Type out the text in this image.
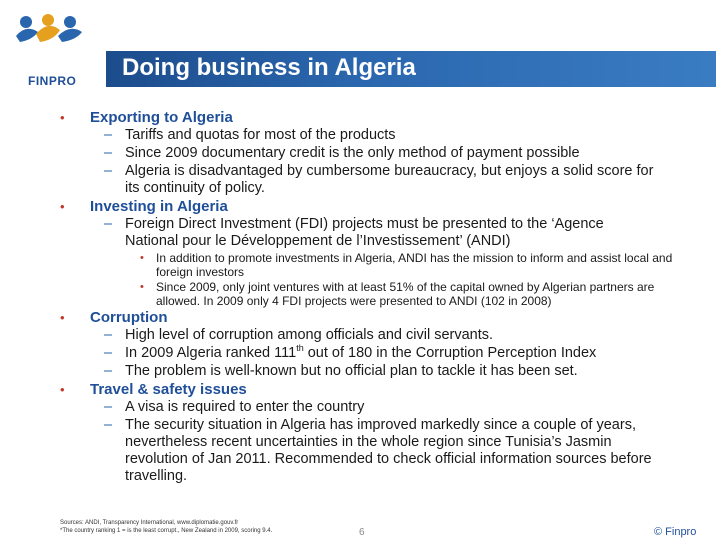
FINPRO Doing business in Algeria
• Exporting to Algeria
– Tariffs and quotas for most of the products
– Since 2009 documentary credit is the only method of payment possible
– Algeria is disadvantaged by cumbersome bureaucracy, but enjoys a solid score for its continuity of policy.
• Investing in Algeria
– Foreign Direct Investment (FDI) projects must be presented to the ‘Agence National pour le Développement de l’Investissement’ (ANDI)
• In addition to promote investments in Algeria, ANDI has the mission to inform and assist local and foreign investors
• Since 2009, only joint ventures with at least 51% of the capital owned by Algerian partners are allowed. In 2009 only 4 FDI projects were presented to ANDI (102 in 2008)
• Corruption
– High level of corruption among officials and civil servants.
– In 2009 Algeria ranked 111th out of 180 in the Corruption Perception Index
– The problem is well-known but no official plan to tackle it has been set.
• Travel & safety issues
– A visa is required to enter the country
– The security situation in Algeria has improved markedly since a couple of years, nevertheless recent uncertainties in the whole region since Tunisia’s Jasmin revolution of Jan 2011. Recommended to check official information sources before travelling.
Sources: ANDI, Transparency International, www.diplomatie.gouv.fr
*The country ranking 1 = is the least corrupt., New Zealand in 2009, scoring 9.4.	6	© Finpro
